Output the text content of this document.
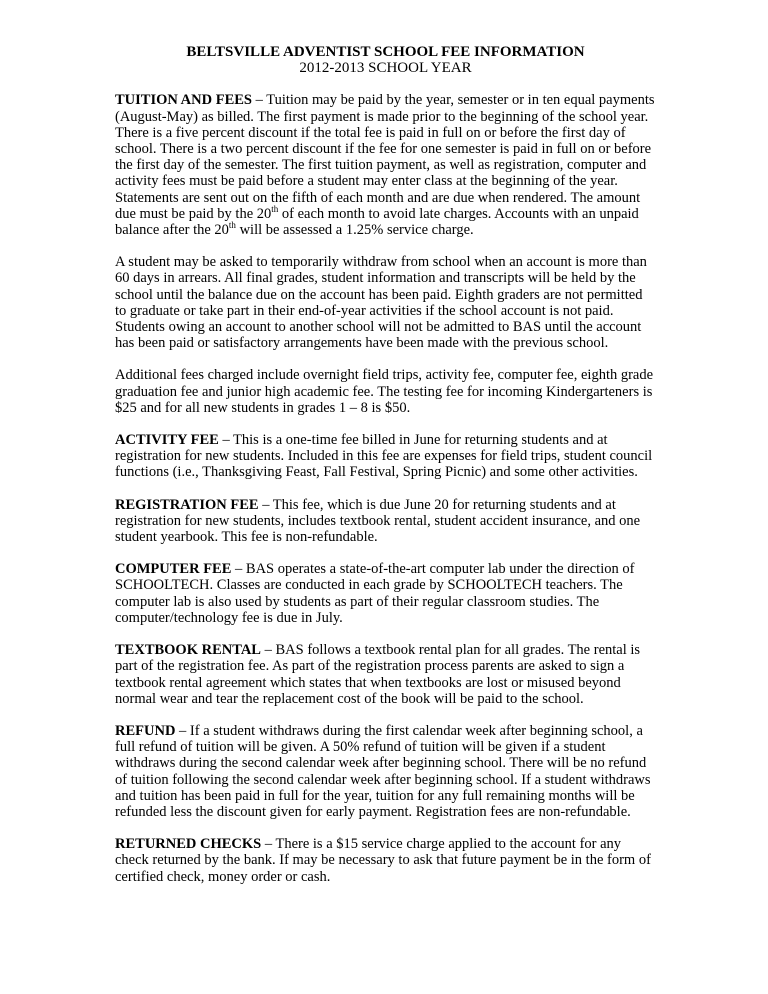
BELTSVILLE ADVENTIST SCHOOL FEE INFORMATION
2012-2013 SCHOOL YEAR

TUITION AND FEES – Tuition may be paid by the year, semester or in ten equal payments (August-May) as billed. The first payment is made prior to the beginning of the school year. There is a five percent discount if the total fee is paid in full on or before the first day of school. There is a two percent discount if the fee for one semester is paid in full on or before the first day of the semester. The first tuition payment, as well as registration, computer and activity fees must be paid before a student may enter class at the beginning of the year. Statements are sent out on the fifth of each month and are due when rendered. The amount due must be paid by the 20th of each month to avoid late charges. Accounts with an unpaid balance after the 20th will be assessed a 1.25% service charge.

A student may be asked to temporarily withdraw from school when an account is more than 60 days in arrears. All final grades, student information and transcripts will be held by the school until the balance due on the account has been paid. Eighth graders are not permitted to graduate or take part in their end-of-year activities if the school account is not paid. Students owing an account to another school will not be admitted to BAS until the account has been paid or satisfactory arrangements have been made with the previous school.

Additional fees charged include overnight field trips, activity fee, computer fee, eighth grade graduation fee and junior high academic fee. The testing fee for incoming Kindergarteners is $25 and for all new students in grades 1 – 8 is $50.

ACTIVITY FEE – This is a one-time fee billed in June for returning students and at registration for new students. Included in this fee are expenses for field trips, student council functions (i.e., Thanksgiving Feast, Fall Festival, Spring Picnic) and some other activities.

REGISTRATION FEE – This fee, which is due June 20 for returning students and at registration for new students, includes textbook rental, student accident insurance, and one student yearbook. This fee is non-refundable.

COMPUTER FEE – BAS operates a state-of-the-art computer lab under the direction of SCHOOLTECH. Classes are conducted in each grade by SCHOOLTECH teachers. The computer lab is also used by students as part of their regular classroom studies. The computer/technology fee is due in July.

TEXTBOOK RENTAL – BAS follows a textbook rental plan for all grades. The rental is part of the registration fee. As part of the registration process parents are asked to sign a textbook rental agreement which states that when textbooks are lost or misused beyond normal wear and tear the replacement cost of the book will be paid to the school.

REFUND – If a student withdraws during the first calendar week after beginning school, a full refund of tuition will be given. A 50% refund of tuition will be given if a student withdraws during the second calendar week after beginning school. There will be no refund of tuition following the second calendar week after beginning school. If a student withdraws and tuition has been paid in full for the year, tuition for any full remaining months will be refunded less the discount given for early payment. Registration fees are non-refundable.

RETURNED CHECKS – There is a $15 service charge applied to the account for any check returned by the bank. If may be necessary to ask that future payment be in the form of certified check, money order or cash.
